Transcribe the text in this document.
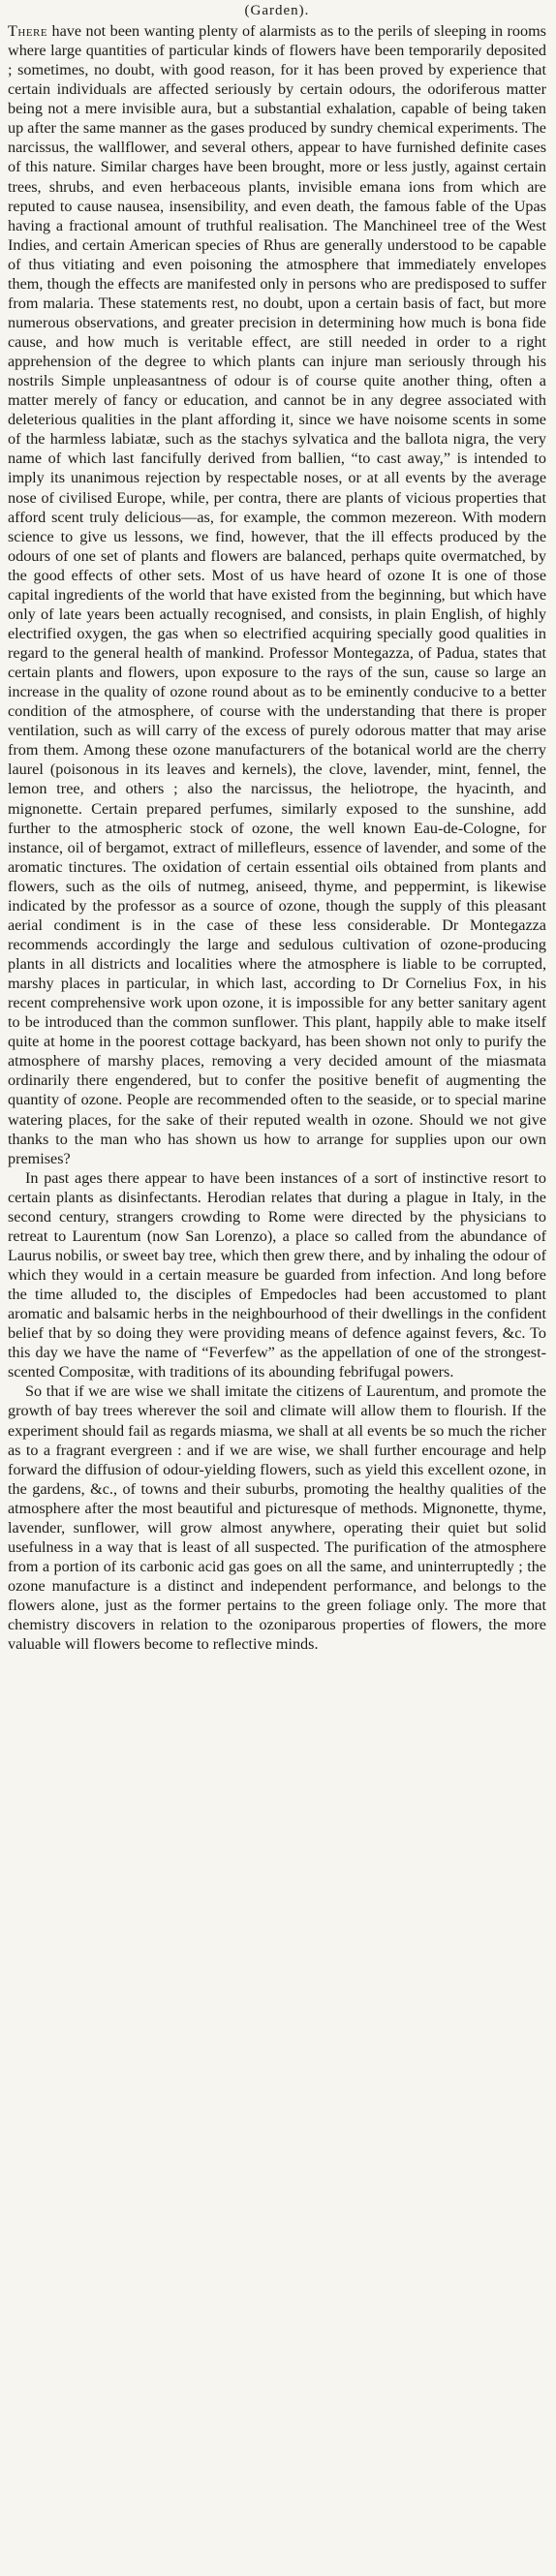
(Garden).

There have not been wanting plenty of alarmists as to the perils of sleeping in rooms where large quantities of particular kinds of flowers have been temporarily deposited ; sometimes, no doubt, with good reason, for it has been proved by experience that certain individuals are affected seriously by certain odours, the odoriferous matter being not a mere invisible aura, but a substantial exhalation, capable of being taken up after the same manner as the gases produced by sundry chemical experiments. The narcissus, the wallflower, and several others, appear to have furnished definite cases of this nature. Similar charges have been brought, more or less justly, against certain trees, shrubs, and even herbaceous plants, invisible emana ions from which are reputed to cause nausea, insensibility, and even death, the famous fable of the Upas having a fractional amount of truthful realisation. The Manchineel tree of the West Indies, and certain American species of Rhus are generally understood to be capable of thus vitiating and even poisoning the atmosphere that immediately envelopes them, though the effects are manifested only in persons who are predisposed to suffer from malaria. These statements rest, no doubt, upon a certain basis of fact, but more numerous observations, and greater precision in determining how much is bona fide cause, and how much is veritable effect, are still needed in order to a right apprehension of the degree to which plants can injure man seriously through his nostrils Simple unpleasantness of odour is of course quite another thing, often a matter merely of fancy or education, and cannot be in any degree associated with deleterious qualities in the plant affording it, since we have noisome scents in some of the harmless labiatæ, such as the stachys sylvatica and the ballota nigra, the very name of which last fancifully derived from ballien, “to cast away,” is intended to imply its unanimous rejection by respectable noses, or at all events by the average nose of civilised Europe, while, per contra, there are plants of vicious properties that afford scent truly delicious—as, for example, the common mezereon. With modern science to give us lessons, we find, however, that the ill effects produced by the odours of one set of plants and flowers are balanced, perhaps quite overmatched, by the good effects of other sets. Most of us have heard of ozone It is one of those capital ingredients of the world that have existed from the beginning, but which have only of late years been actually recognised, and consists, in plain English, of highly electrified oxygen, the gas when so electrified acquiring specially good qualities in regard to the general health of mankind. Professor Montegazza, of Padua, states that certain plants and flowers, upon exposure to the rays of the sun, cause so large an increase in the quality of ozone round about as to be eminently conducive to a better condition of the atmosphere, of course with the understanding that there is proper ventilation, such as will carry of the excess of purely odorous matter that may arise from them. Among these ozone manufacturers of the botanical world are the cherry laurel (poisonous in its leaves and kernels), the clove, lavender, mint, fennel, the lemon tree, and others ; also the narcissus, the heliotrope, the hyacinth, and mignonette. Certain prepared perfumes, similarly exposed to the sunshine, add further to the atmospheric stock of ozone, the well known Eau-de-Cologne, for instance, oil of bergamot, extract of millefleurs, essence of lavender, and some of the aromatic tinctures. The oxidation of certain essential oils obtained from plants and flowers, such as the oils of nutmeg, aniseed, thyme, and peppermint, is likewise indicated by the professor as a source of ozone, though the supply of this pleasant aerial condiment is in the case of these less considerable. Dr Montegazza recommends accordingly the large and sedulous cultivation of ozone-producing plants in all districts and localities where the atmosphere is liable to be corrupted, marshy places in particular, in which last, according to Dr Cornelius Fox, in his recent comprehensive work upon ozone, it is impossible for any better sanitary agent to be introduced than the common sunflower. This plant, happily able to make itself quite at home in the poorest cottage backyard, has been shown not only to purify the atmosphere of marshy places, removing a very decided amount of the miasmata ordinarily there engendered, but to confer the positive benefit of augmenting the quantity of ozone. People are recommended often to the seaside, or to special marine watering places, for the sake of their reputed wealth in ozone. Should we not give thanks to the man who has shown us how to arrange for supplies upon our own premises?

In past ages there appear to have been instances of a sort of instinctive resort to certain plants as disinfectants. Herodian relates that during a plague in Italy, in the second century, strangers crowding to Rome were directed by the physicians to retreat to Laurentum (now San Lorenzo), a place so called from the abundance of Laurus nobilis, or sweet bay tree, which then grew there, and by inhaling the odour of which they would in a certain measure be guarded from infection. And long before the time alluded to, the disciples of Empedocles had been accustomed to plant aromatic and balsamic herbs in the neighbourhood of their dwellings in the confident belief that by so doing they were providing means of defence against fevers, &c. To this day we have the name of “Feverfew” as the appellation of one of the strongest-scented Compositæ, with traditions of its abounding febrifugal powers.

So that if we are wise we shall imitate the citizens of Laurentum, and promote the growth of bay trees wherever the soil and climate will allow them to flourish. If the experiment should fail as regards miasma, we shall at all events be so much the richer as to a fragrant evergreen : and if we are wise, we shall further encourage and help forward the diffusion of odour-yielding flowers, such as yield this excellent ozone, in the gardens, &c., of towns and their suburbs, promoting the healthy qualities of the atmosphere after the most beautiful and picturesque of methods. Mignonette, thyme, lavender, sunflower, will grow almost anywhere, operating their quiet but solid usefulness in a way that is least of all suspected. The purification of the atmosphere from a portion of its carbonic acid gas goes on all the same, and uninterruptedly ; the ozone manufacture is a distinct and independent performance, and belongs to the flowers alone, just as the former pertains to the green foliage only. The more that chemistry discovers in relation to the ozoniparous properties of flowers, the more valuable will flowers become to reflective minds.
